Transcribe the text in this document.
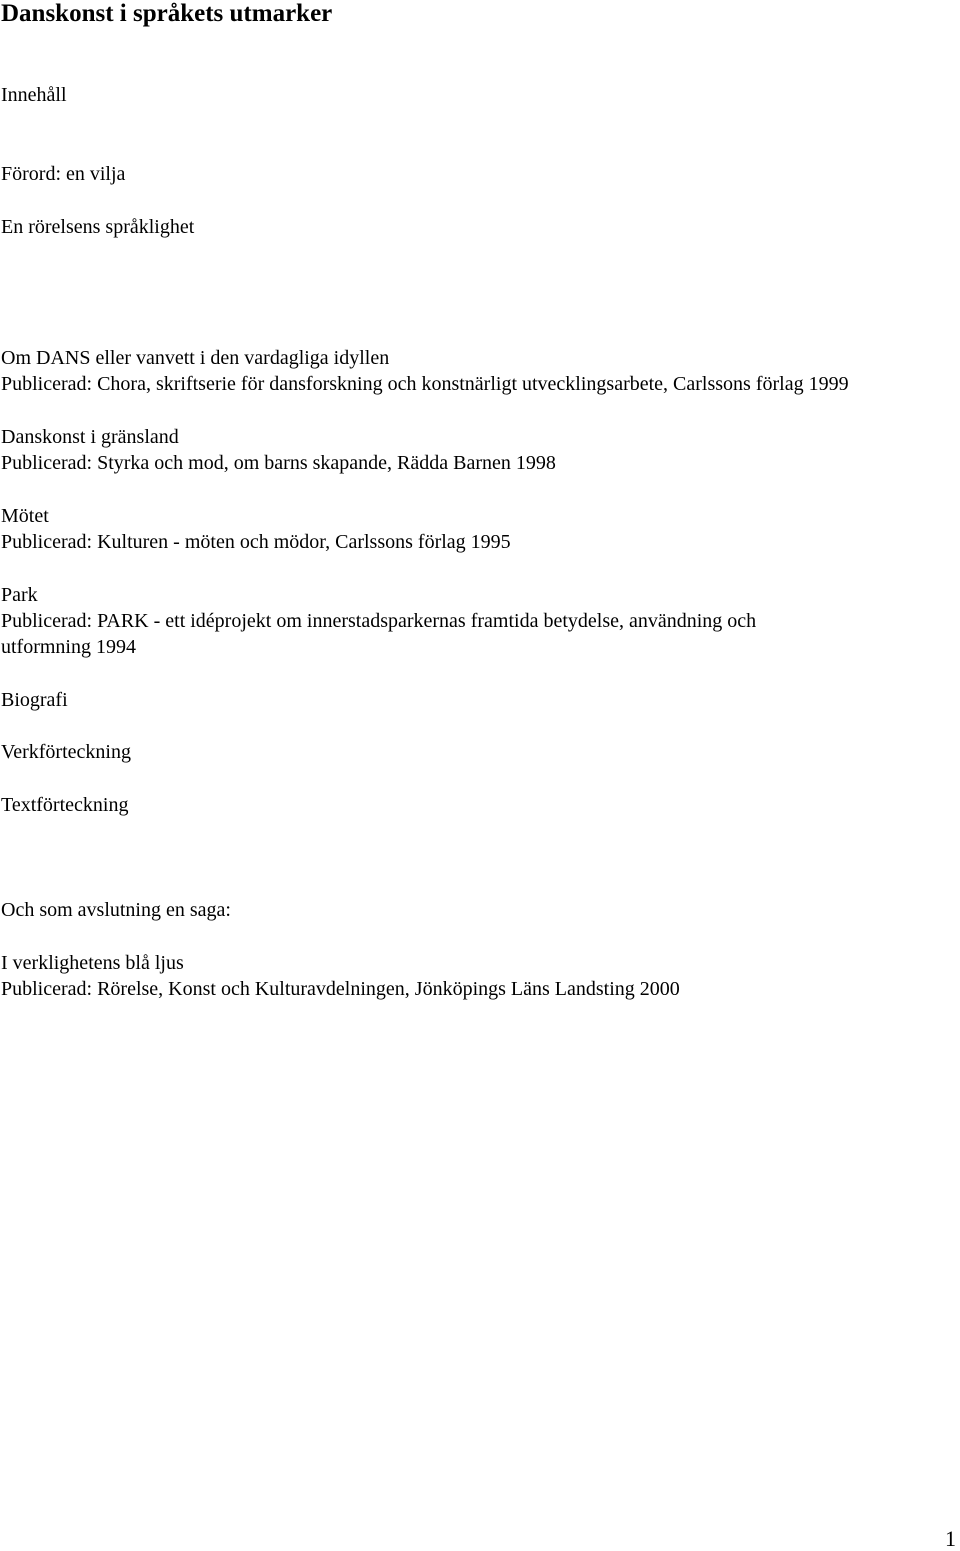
Danskonst i språkets utmarker

Innehåll

Förord: en vilja

En rörelsens språklighet

Om DANS eller vanvett i den vardagliga idyllen

Publicerad: Chora, skriftserie för dansforskning och konstnärligt utvecklingsarbete, Carlssons förlag 1999

Danskonst i gränsland

Publicerad: Styrka och mod, om barns skapande, Rädda Barnen 1998

Mötet

Publicerad: Kulturen - möten och mödor, Carlssons förlag 1995

Park

Publicerad: PARK - ett idéprojekt om innerstadsparkernas framtida betydelse, användning och

utformning 1994

Biografi

Verkförteckning

Textförteckning

Och som avslutning en saga:

I verklighetens blå ljus

Publicerad: Rörelse, Konst och Kulturavdelningen, Jönköpings Läns Landsting 2000

1
